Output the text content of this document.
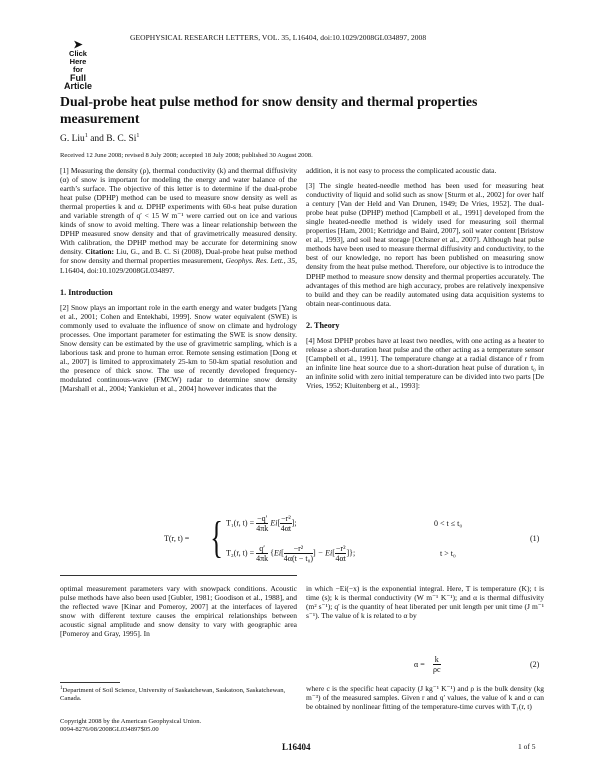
➤
Click
Here
for
Full
Article
GEOPHYSICAL RESEARCH LETTERS, VOL. 35, L16404, doi:10.1029/2008GL034897, 2008
Dual-probe heat pulse method for snow density and thermal properties measurement
G. Liu$^1$ and B. C. Si$^1$
Received 12 June 2008; revised 8 July 2008; accepted 18 July 2008; published 30 August 2008.

[1] Measuring the density (ρ), thermal conductivity (k) and thermal diffusivity (α) of snow is important for modeling the energy and water balance of the earth’s surface. The objective of this letter is to determine if the dual-probe heat pulse (DPHP) method can be used to measure snow density as well as thermal properties k and α. DPHP experiments with 60-s heat pulse duration and variable strength of q′ < 15 W m⁻¹ were carried out on ice and various kinds of snow to avoid melting. There was a linear relationship between the DPHP measured snow density and that of gravimetrically measured density. With calibration, the DPHP method may be accurate for determining snow density. Citation: Liu, G., and B. C. Si (2008), Dual-probe heat pulse method for snow density and thermal properties measurement, Geophys. Res. Lett., 35, L16404, doi:10.1029/2008GL034897.

1. Introduction

[2] Snow plays an important role in the earth energy and water budgets [Yang et al., 2001; Cohen and Entekhabi, 1999]. Snow water equivalent (SWE) is commonly used to evaluate the influence of snow on climate and hydrology processes. One important parameter for estimating the SWE is snow density. Snow density can be estimated by the use of gravimetric sampling, which is a laborious task and prone to human error. Remote sensing estimation [Dong et al., 2007] is limited to approximately 25-km to 50-km spatial resolution and the presence of thick snow. The use of recently developed frequency-modulated continuous-wave (FMCW) radar to determine snow density [Marshall et al., 2004; Yankielun et al., 2004] however indicates that the

addition, it is not easy to process the complicated acoustic data.

[3] The single heated-needle method has been used for measuring heat conductivity of liquid and solid such as snow [Sturm et al., 2002] for over half a century [Van der Held and Van Drunen, 1949; De Vries, 1952]. The dual-probe heat pulse (DPHP) method [Campbell et al., 1991] developed from the single heated-needle method is widely used for measuring soil thermal properties [Ham, 2001; Kettridge and Baird, 2007], soil water content [Bristow et al., 1993], and soil heat storage [Ochsner et al., 2007]. Although heat pulse methods have been used to measure thermal diffusivity and conductivity, to the best of our knowledge, no report has been published on measuring snow density from the heat pulse method. Therefore, our objective is to introduce the DPHP method to measure snow density and thermal properties accurately. The advantages of this method are high accuracy, probes are relatively inexpensive to build and they can be readily automated using data acquisition systems to obtain near-continuous data.

2. Theory

[4] Most DPHP probes have at least two needles, with one acting as a heater to release a short-duration heat pulse and the other acting as a temperature sensor [Campbell et al., 1991]. The temperature change at a radial distance of r from an infinite line heat source due to a short-duration heat pulse of duration t₀ in an infinite solid with zero initial temperature can be divided into two parts [De Vries, 1952; Kluitenberg et al., 1993]:

T(r, t) = { T₁(r, $t) = \frac{-q'}{4\pi k} Ei[ \frac{\text{−r²}}{4\alpha t}$ ];	0 < t ≤ t₀
T₂(r, $t) = \frac{q'}{4\pi k} \{Ei[ \frac{\text{−r²}}{\text{4α(t − t₀)}}$ ] − $Ei[ \frac{\text{−r²}}{4\alpha t}$ ]};	t > t₀
(1)

optimal measurement parameters vary with snowpack conditions. Acoustic pulse methods have also been used [Gubler, 1981; Goodison et al., 1988], and the reflected wave [Kinar and Pomeroy, 2007] at the interfaces of layered snow with different texture causes the empirical relationships between acoustic signal amplitude and snow density to vary with geographic area [Pomeroy and Gray, 1995]. In

in which −Ei(−x) is the exponential integral. Here, T is temperature (K); t is time (s); k is thermal conductivity (W m⁻¹ K⁻¹); and α is thermal diffusivity (m² s⁻¹); q′ is the quantity of heat liberated per unit length per unit time (J m⁻¹ s⁻¹). The value of k is related to α by

$\alpha = \frac{k}{\rho c}$	(2)

where c is the specific heat capacity (J kg⁻¹ K⁻¹) and ρ is the bulk density (kg m⁻³) of the measured samples. Given r and q′ values, the value of k and α can be obtained by nonlinear fitting of the temperature-time curves with T₁(r, t)

$^1$Department of Soil Science, University of Saskatchewan, Saskatoon, Saskatchewan, Canada.
Copyright 2008 by the American Geophysical Union.
0094-8276/08/2008GL034897$05.00
L16404	1 of 5
